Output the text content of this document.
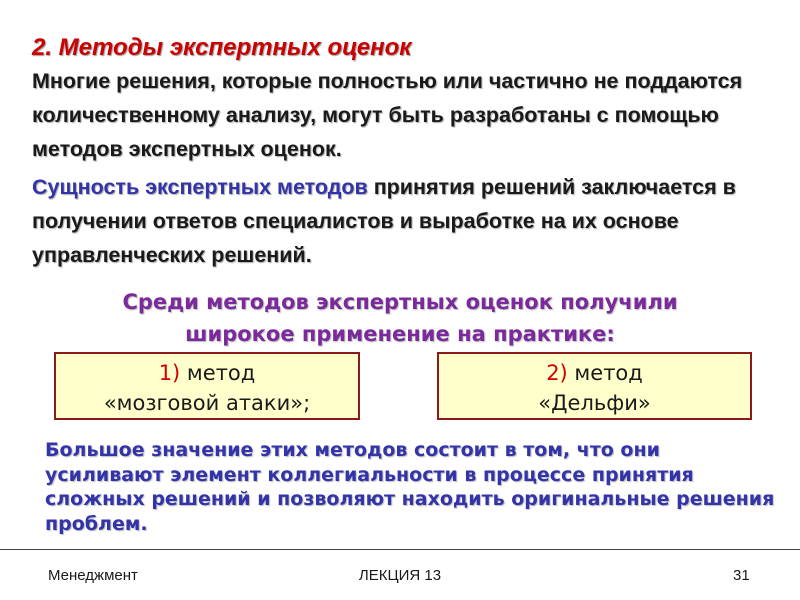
2. Методы экспертных оценок

Многие решения, которые полностью или частично не поддаются количественному анализу, могут быть разработаны с помощью методов экспертных оценок.

Сущность экспертных методов принятия решений заключается в получении ответов специалистов и выработке на их основе управленческих решений.

Среди методов экспертных оценок получили широкое применение на практике:

1) метод
«мозговой атаки»;
2) метод
«Дельфи»

Большое значение этих методов состоит в том, что они усиливают элемент коллегиальности в процессе принятия сложных решений и позволяют находить оригинальные решения проблем.

Менеджмент	ЛЕКЦИЯ 13	31
